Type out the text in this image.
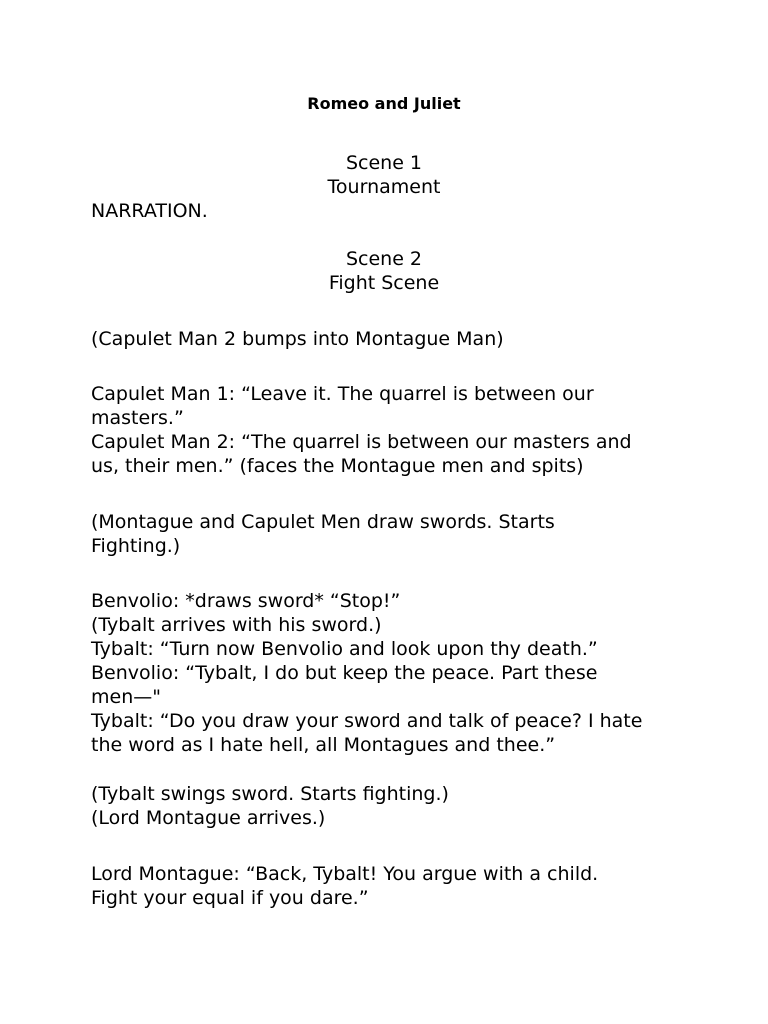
Romeo and Juliet
Scene 1
Tournament
NARRATION.
Scene 2
Fight Scene
(Capulet Man 2 bumps into Montague Man)
Capulet Man 1: “Leave it. The quarrel is between our
masters.”
Capulet Man 2: “The quarrel is between our masters and
us, their men.” (faces the Montague men and spits)
(Montague and Capulet Men draw swords. Starts
Fighting.)
Benvolio: *draws sword* “Stop!”
(Tybalt arrives with his sword.)
Tybalt: “Turn now Benvolio and look upon thy death.”
Benvolio: “Tybalt, I do but keep the peace. Part these
men—"
Tybalt: “Do you draw your sword and talk of peace? I hate
the word as I hate hell, all Montagues and thee.”
(Tybalt swings sword. Starts fighting.)
(Lord Montague arrives.)
Lord Montague: “Back, Tybalt! You argue with a child.
Fight your equal if you dare.”
